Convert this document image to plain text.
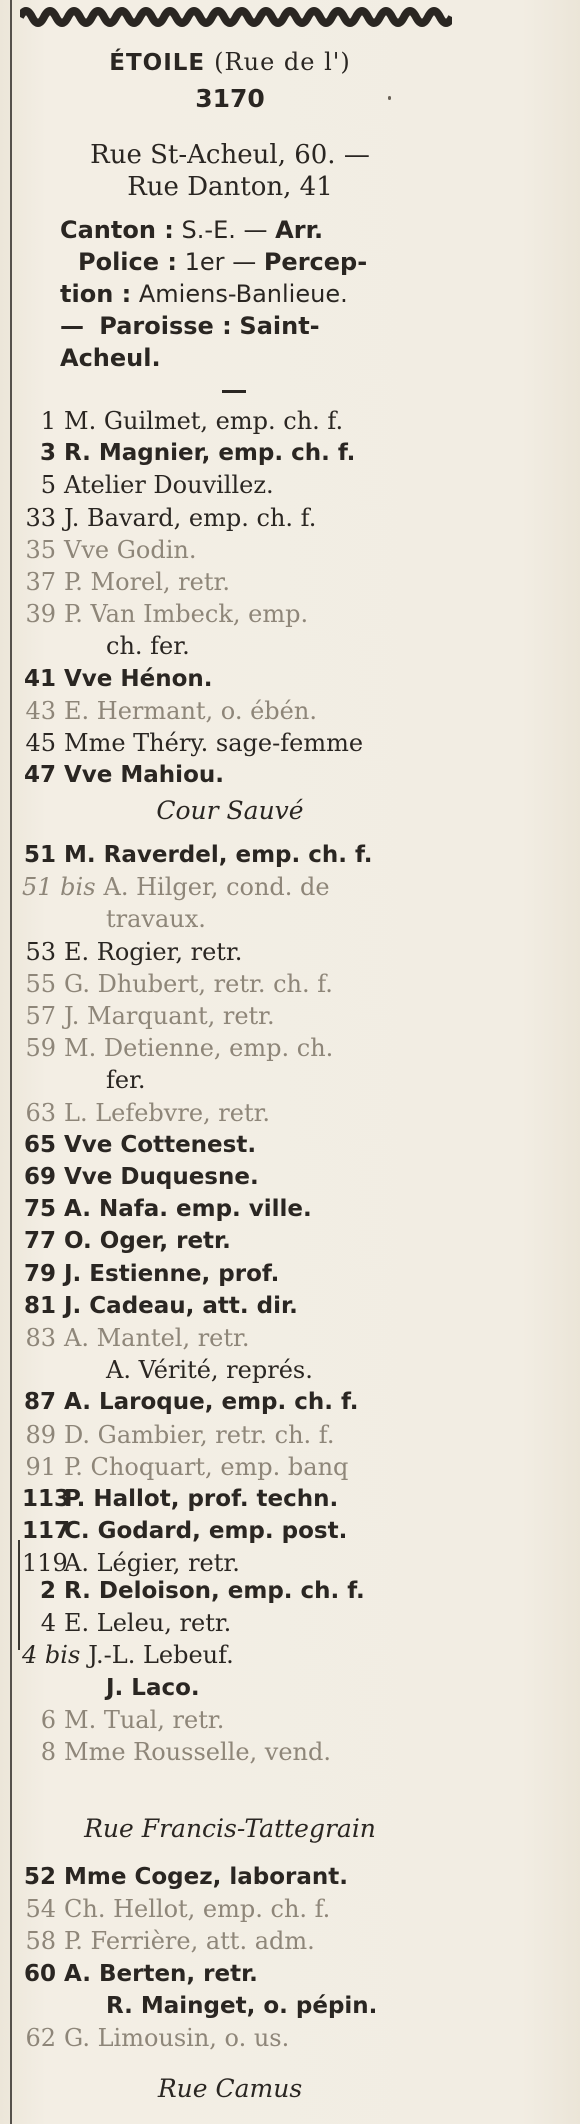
ÉTOILE (Rue de l')
3170
Rue St-Acheul, 60. —
Rue Danton, 41
Canton : S.-E. — Arr.
Police : 1er — Percep-
tion : Amiens-Banlieue.
— Paroisse : Saint-
Acheul.
1 M. Guilmet, emp. ch. f.
3 R. Magnier, emp. ch. f.
5 Atelier Douvillez.
33 J. Bavard, emp. ch. f.
35 Vve Godin.
37 P. Morel, retr.
39 P. Van Imbeck, emp.
ch. fer.
41 Vve Hénon.
43 E. Hermant, o. ébén.
45 Mme Théry. sage-femme
47 Vve Mahiou.
Cour Sauvé
51 M. Raverdel, emp. ch. f.
51 bis A. Hilger, cond. de
travaux.
53 E. Rogier, retr.
55 G. Dhubert, retr. ch. f.
57 J. Marquant, retr.
59 M. Detienne, emp. ch.
fer.
63 L. Lefebvre, retr.
65 Vve Cottenest.
69 Vve Duquesne.
75 A. Nafa. emp. ville.
77 O. Oger, retr.
79 J. Estienne, prof.
81 J. Cadeau, att. dir.
83 A. Mantel, retr.
A. Vérité, représ.
87 A. Laroque, emp. ch. f.
89 D. Gambier, retr. ch. f.
91 P. Choquart, emp. banq
113P. Hallot, prof. techn.
117C. Godard, emp. post.
119A. Légier, retr.
2 R. Deloison, emp. ch. f.
4 E. Leleu, retr.
4 bis J.-L. Lebeuf.
J. Laco.
6 M. Tual, retr.
8 Mme Rousselle, vend.
Rue Francis-Tattegrain
52 Mme Cogez, laborant.
54 Ch. Hellot, emp. ch. f.
58 P. Ferrière, att. adm.
60 A. Berten, retr.
R. Mainget, o. pépin.
62 G. Limousin, o. us.
Rue Camus
